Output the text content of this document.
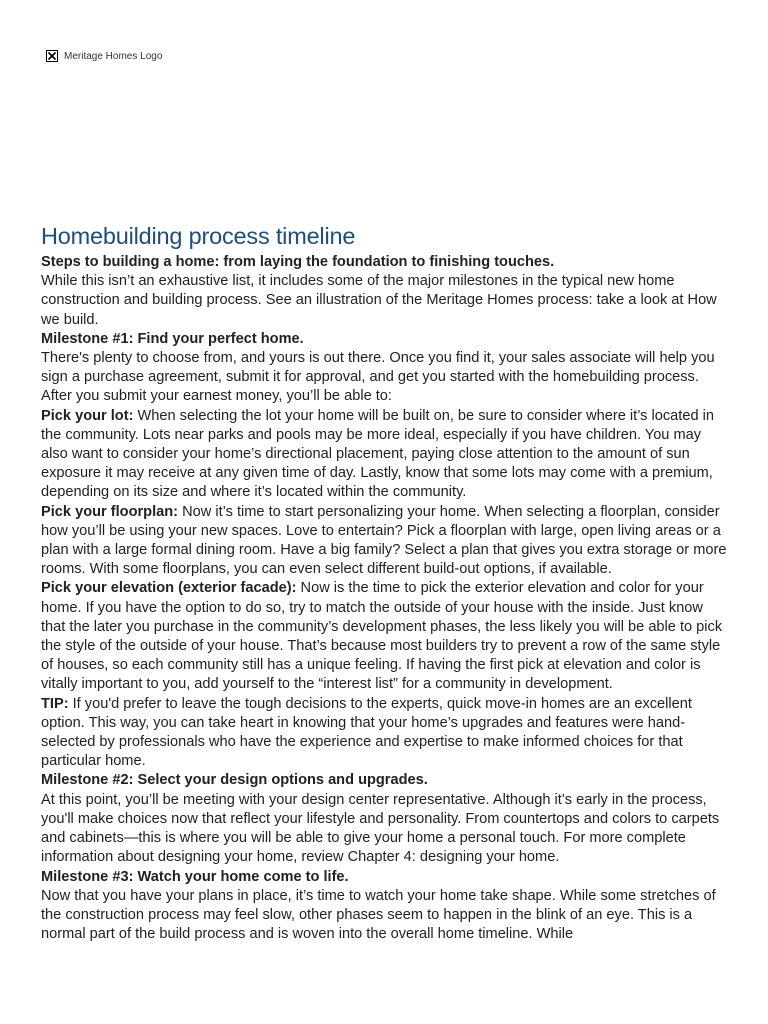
Meritage Homes Logo
Homebuilding process timeline

Steps to building a home: from laying the foundation to finishing touches.

While this isn’t an exhaustive list, it includes some of the major milestones in the typical new home construction and building process. See an illustration of the Meritage Homes process: take a look at How we build.

Milestone #1: Find your perfect home.

There's plenty to choose from, and yours is out there. Once you find it, your sales associate will help you sign a purchase agreement, submit it for approval, and get you started with the homebuilding process. After you submit your earnest money, you’ll be able to:

Pick your lot: When selecting the lot your home will be built on, be sure to consider where it’s located in the community. Lots near parks and pools may be more ideal, especially if you have children. You may also want to consider your home’s directional placement, paying close attention to the amount of sun exposure it may receive at any given time of day. Lastly, know that some lots may come with a premium, depending on its size and where it’s located within the community.

Pick your floorplan: Now it’s time to start personalizing your home. When selecting a floorplan, consider how you’ll be using your new spaces. Love to entertain? Pick a floorplan with large, open living areas or a plan with a large formal dining room. Have a big family? Select a plan that gives you extra storage or more rooms. With some floorplans, you can even select different build-out options, if available.

Pick your elevation (exterior facade): Now is the time to pick the exterior elevation and color for your home. If you have the option to do so, try to match the outside of your house with the inside. Just know that the later you purchase in the community’s development phases, the less likely you will be able to pick the style of the outside of your house. That’s because most builders try to prevent a row of the same style of houses, so each community still has a unique feeling. If having the first pick at elevation and color is vitally important to you, add yourself to the “interest list” for a community in development.

TIP: If you'd prefer to leave the tough decisions to the experts, quick move-in homes are an excellent option. This way, you can take heart in knowing that your home’s upgrades and features were hand-selected by professionals who have the experience and expertise to make informed choices for that particular home.

Milestone #2: Select your design options and upgrades.

At this point, you’ll be meeting with your design center representative. Although it’s early in the process, you'll make choices now that reflect your lifestyle and personality. From countertops and colors to carpets and cabinets—this is where you will be able to give your home a personal touch. For more complete information about designing your home, review Chapter 4: designing your home.

Milestone #3: Watch your home come to life.

Now that you have your plans in place, it’s time to watch your home take shape. While some stretches of the construction process may feel slow, other phases seem to happen in the blink of an eye. This is a normal part of the build process and is woven into the overall home timeline. While
